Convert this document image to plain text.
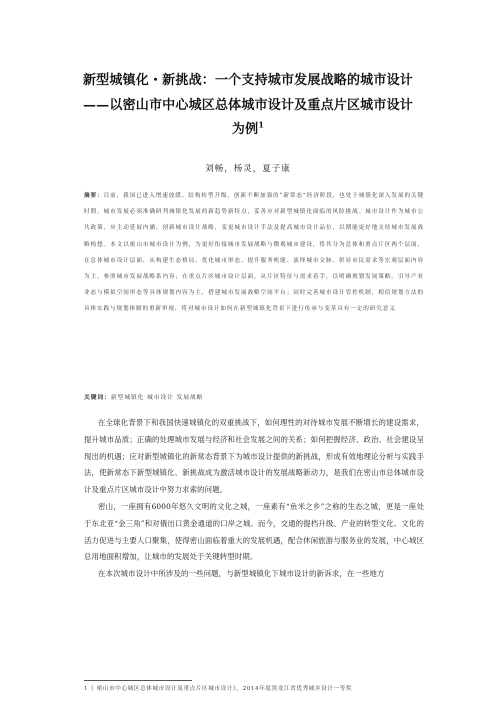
新型城镇化・新挑战：一个支持城市发展战略的城市设计
——以密山市中心城区总体城市设计及重点片区城市设计
为例$^1$
刘畅，杨灵，夏子康
摘要：目前，我国已进入增速放缓、结构转型升级、创新不断加强的“新常态”经济阶段，也处于城镇化深入发展的关键时期。城市发展必须准确研判城镇化发展的新趋势新特点，妥善应对新型城镇化面临的风险挑战。城市设计作为城市公共政策，应主动延展内涵，创新城市设计战略，变更城市设计手法及提高城市设计品位，以期能更好地支持城市发展战略构想。本文以密山市城市设计为例，为更好衔接城市发展战略与微观城市建设，将其分为总体和重点片区两个层面，在总体城市设计层面，从构建生态格局、优化城市形态、提升服务机能、演绎城市文脉、彰显市民需求等宏观层面内容为主，参照城市发展战略系内容；在重点片区城市设计层面，从片区特征与需求着手，以明确规划发展策略。引导产业业态与模拟空间形态等具体规划内容为主，搭建城市发展战略空间平台；同时完善城市设计管控机制，相信规划方法的具体实践与规划体制的重新审视，将对城市设计如何在新型城镇化背景下进行传承与变革具有一定的研究意义
关键词：新型城镇化 城市设计 发展战略

在全球化背景下和我国快速城镇化的双重挑战下，如何理性的对待城市发展不断增长的建设需求，提升城市品质；正确的处理城市发展与经济和社会发展之间的关系；如何把握经济、政治、社会建设呈现出的机遇；应对新型城镇化的新常态背景下为城市设计提供的新挑战，形成有效地理论分析与实践手法，使新常态下新型城镇化、新挑战成为激活城市设计的发展战略新动力，是我们在密山市总体城市设计及重点片区城市设计中努力求索的问题。

密山，一座拥有6000年悠久文明的文化之城，一座素有“鱼米之乡”之称的生态之城，更是一座处于东北亚“金三角”和对俄出口黄金通道的口岸之城。而今，交通的提档升级、产业的转型文化、文化的活力促进与主要人口聚集，使得密山面临着重大的发展机遇，配合休闲旅游与服务业的发展，中心城区总用地面积增加，让城市的发展处于关键转型时期。

在本次城市设计中所涉及的一些问题，与新型城镇化下城市设计的新诉求，在一些地方

1《 密山市中心城区总体城市设计及重点片区城市设计》，2014年度黑龙江省优秀城乡设计一等奖
